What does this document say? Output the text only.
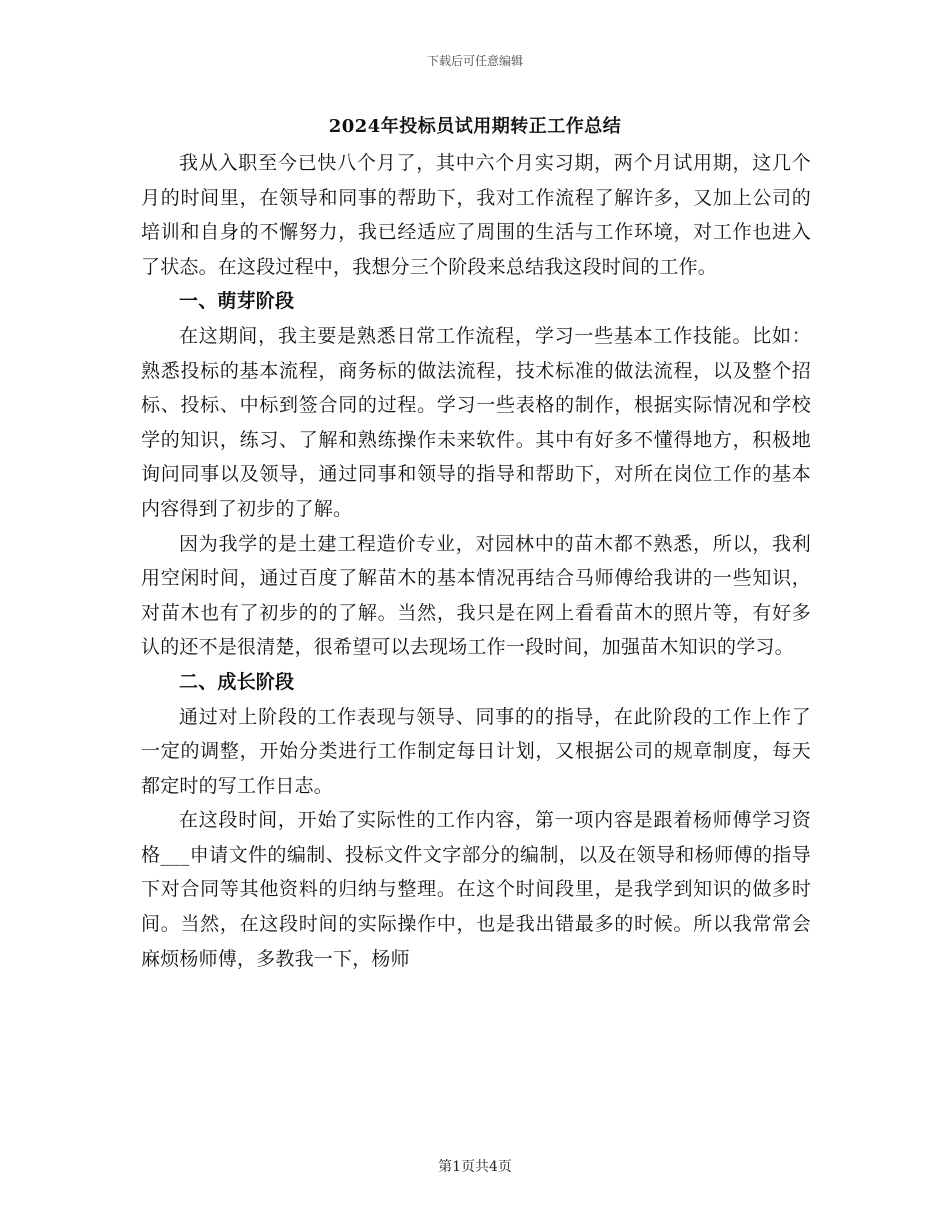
下载后可任意编辑
2024年投标员试用期转正工作总结

我从入职至今已快八个月了，其中六个月实习期，两个月试用期，这几个月的时间里，在领导和同事的帮助下，我对工作流程了解许多，又加上公司的培训和自身的不懈努力，我已经适应了周围的生活与工作环境，对工作也进入了状态。在这段过程中，我想分三个阶段来总结我这段时间的工作。

一、萌芽阶段

在这期间，我主要是熟悉日常工作流程，学习一些基本工作技能。比如：熟悉投标的基本流程，商务标的做法流程，技术标准的做法流程，以及整个招标、投标、中标到签合同的过程。学习一些表格的制作，根据实际情况和学校学的知识，练习、了解和熟练操作未来软件。其中有好多不懂得地方，积极地询问同事以及领导，通过同事和领导的指导和帮助下，对所在岗位工作的基本内容得到了初步的了解。

因为我学的是土建工程造价专业，对园林中的苗木都不熟悉，所以，我利用空闲时间，通过百度了解苗木的基本情况再结合马师傅给我讲的一些知识，对苗木也有了初步的的了解。当然，我只是在网上看看苗木的照片等，有好多认的还不是很清楚，很希望可以去现场工作一段时间，加强苗木知识的学习。

二、成长阶段

通过对上阶段的工作表现与领导、同事的的指导，在此阶段的工作上作了一定的调整，开始分类进行工作制定每日计划，又根据公司的规章制度，每天都定时的写工作日志。

在这段时间，开始了实际性的工作内容，第一项内容是跟着杨师傅学习资格___申请文件的编制、投标文件文字部分的编制，以及在领导和杨师傅的指导下对合同等其他资料的归纳与整理。在这个时间段里，是我学到知识的做多时间。当然，在这段时间的实际操作中，也是我出错最多的时候。所以我常常会麻烦杨师傅，多教我一下，杨师

第1页共4页
